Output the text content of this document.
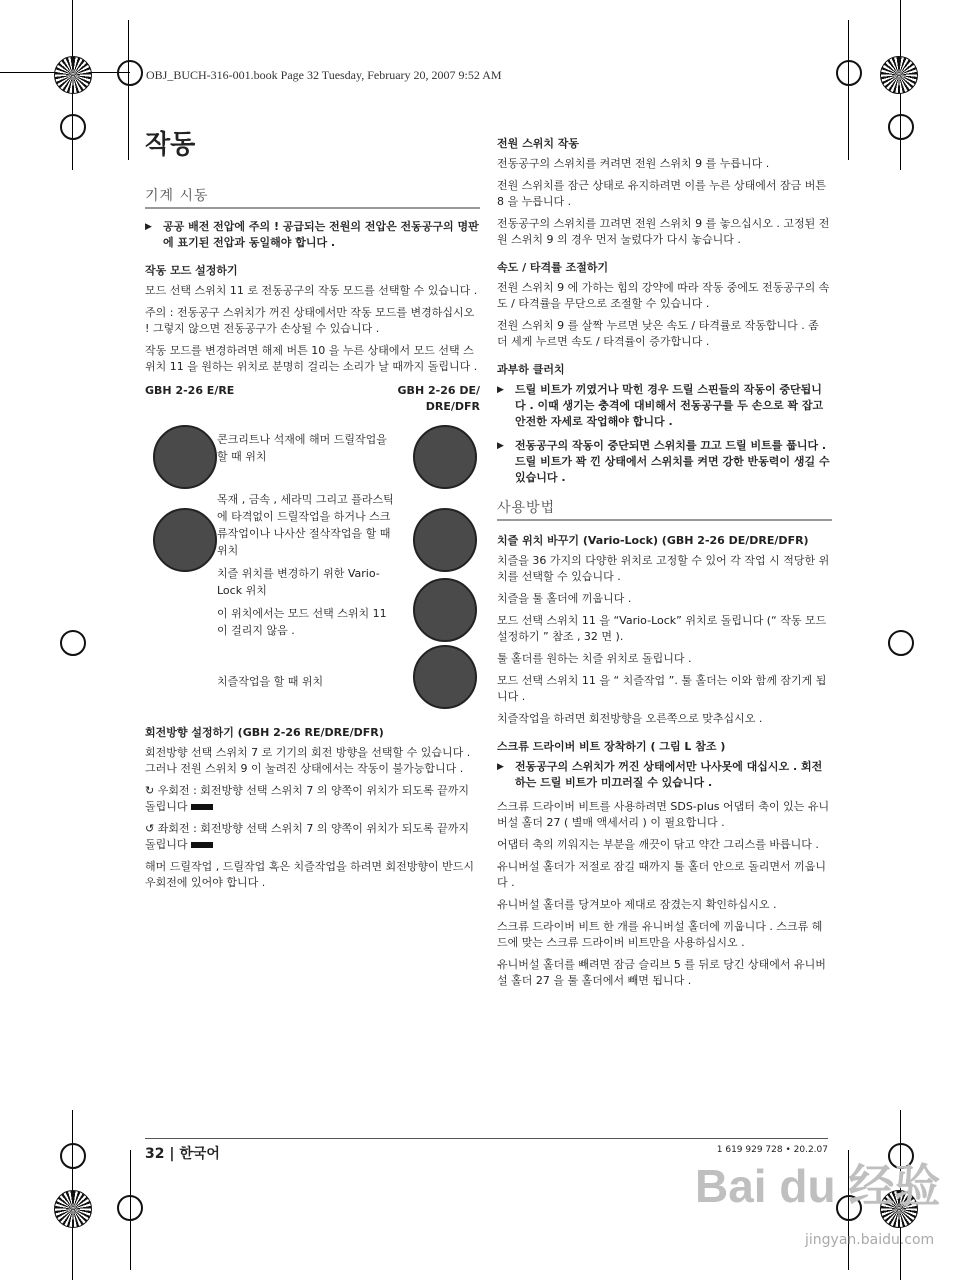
OBJ_BUCH-316-001.book Page 32 Tuesday, February 20, 2007 9:52 AM
작동
기계 시동
▶ 공공 배전 전압에 주의 ! 공급되는 전원의 전압은 전동공구의 명판에 표기된 전압과 동일해야 합니다 .
작동 모드 설정하기

모드 선택 스위치 11 로 전동공구의 작동 모드를 선택할 수 있습니다 .

주의 : 전동공구 스위치가 꺼진 상태에서만 작동 모드를 변경하십시오 ! 그렇지 않으면 전동공구가 손상될 수 있습니다 .

작동 모드를 변경하려면 해제 버튼 10 을 누른 상태에서 모드 선택 스위치 11 을 원하는 위치로 분명히 걸리는 소리가 날 때까지 돌립니다 .

GBH 2-26 E/RE	GBH 2-26 DE/ DRE/DFR
콘크리트나 석재에 해머 드릴작업을 할 때 위치
목재 , 금속 , 세라믹 그리고 플라스틱에 타격없이 드릴작업을 하거나 스크류작업이나 나사산 절삭작업을 할 때 위치
치즐 위치를 변경하기 위한 Vario-Lock 위치
이 위치에서는 모드 선택 스위치 11 이 걸리지 않음 .
치즐작업을 할 때 위치
회전방향 설정하기 (GBH 2-26 RE/DRE/DFR)

회전방향 선택 스위치 7 로 기기의 회전 방향을 선택할 수 있습니다 . 그러나 전원 스위치 9 이 눌려진 상태에서는 작동이 불가능합니다 .

↻ 우회전 : 회전방향 선택 스위치 7 의 양쪽이 위치가 되도록 끝까지 돌립니다

↺ 좌회전 : 회전방향 선택 스위치 7 의 양쪽이 위치가 되도록 끝까지 돌립니다

해머 드릴작업 , 드릴작업 혹은 치즐작업을 하려면 회전방향이 반드시 우회전에 있어야 합니다 .

전원 스위치 작동

전동공구의 스위치를 켜려면 전원 스위치 9 를 누릅니다 .

전원 스위치를 잠근 상태로 유지하려면 이를 누른 상태에서 잠금 버튼 8 을 누릅니다 .

전동공구의 스위치를 끄려면 전원 스위치 9 를 놓으십시오 . 고정된 전원 스위치 9 의 경우 먼저 눌렀다가 다시 놓습니다 .

속도 / 타격률 조절하기

전원 스위치 9 에 가하는 힘의 강약에 따라 작동 중에도 전동공구의 속도 / 타격률을 무단으로 조절할 수 있습니다 .

전원 스위치 9 를 살짝 누르면 낮은 속도 / 타격률로 작동합니다 . 좀 더 세게 누르면 속도 / 타격률이 증가합니다 .

과부하 클러치
▶ 드릴 비트가 끼였거나 막힌 경우 드릴 스핀들의 작동이 중단됩니다 . 이때 생기는 충격에 대비해서 전동공구를 두 손으로 꽉 잡고 안전한 자세로 작업해야 합니다 .
▶ 전동공구의 작동이 중단되면 스위치를 끄고 드릴 비트를 풉니다 . 드릴 비트가 꽉 낀 상태에서 스위치를 켜면 강한 반동력이 생길 수 있습니다 .
사용방법
치즐 위치 바꾸기 (Vario-Lock) (GBH 2-26 DE/DRE/DFR)

치즐을 36 가지의 다양한 위치로 고정할 수 있어 각 작업 시 적당한 위치를 선택할 수 있습니다 .

치즐을 툴 홀더에 끼웁니다 .

모드 선택 스위치 11 을 “Vario-Lock” 위치로 돌립니다 (“ 작동 모드 설정하기 ” 참조 , 32 면 ).

툴 홀더를 원하는 치즐 위치로 돌립니다 .

모드 선택 스위치 11 을 “ 치즐작업 ”. 툴 홀더는 이와 함께 잠기게 됩니다 .

치즐작업을 하려면 회전방향을 오른쪽으로 맞추십시오 .

스크류 드라이버 비트 장착하기 ( 그림 L 참조 )
▶ 전동공구의 스위치가 꺼진 상태에서만 나사못에 대십시오 . 회전하는 드릴 비트가 미끄러질 수 있습니다 .

스크류 드라이버 비트를 사용하려면 SDS-plus 어댑터 축이 있는 유니버설 홀더 27 ( 별매 액세서리 ) 이 필요합니다 .

어댑터 축의 끼워지는 부분을 깨끗이 닦고 약간 그리스를 바릅니다 .

유니버설 홀더가 저절로 잠길 때까지 툴 홀더 안으로 돌리면서 끼웁니다 .

유니버설 홀더를 당겨보아 제대로 잠겼는지 확인하십시오 .

스크류 드라이버 비트 한 개를 유니버설 홀더에 끼웁니다 . 스크류 헤드에 맞는 스크류 드라이버 비트만을 사용하십시오 .

유니버설 홀더를 빼려면 잠금 슬리브 5 를 뒤로 당긴 상태에서 유니버설 홀더 27 을 툴 홀더에서 빼면 됩니다 .

32 | 한국어	1 619 929 728 • 20.2.07
Bai du 经验
jingyan.baidu.com
